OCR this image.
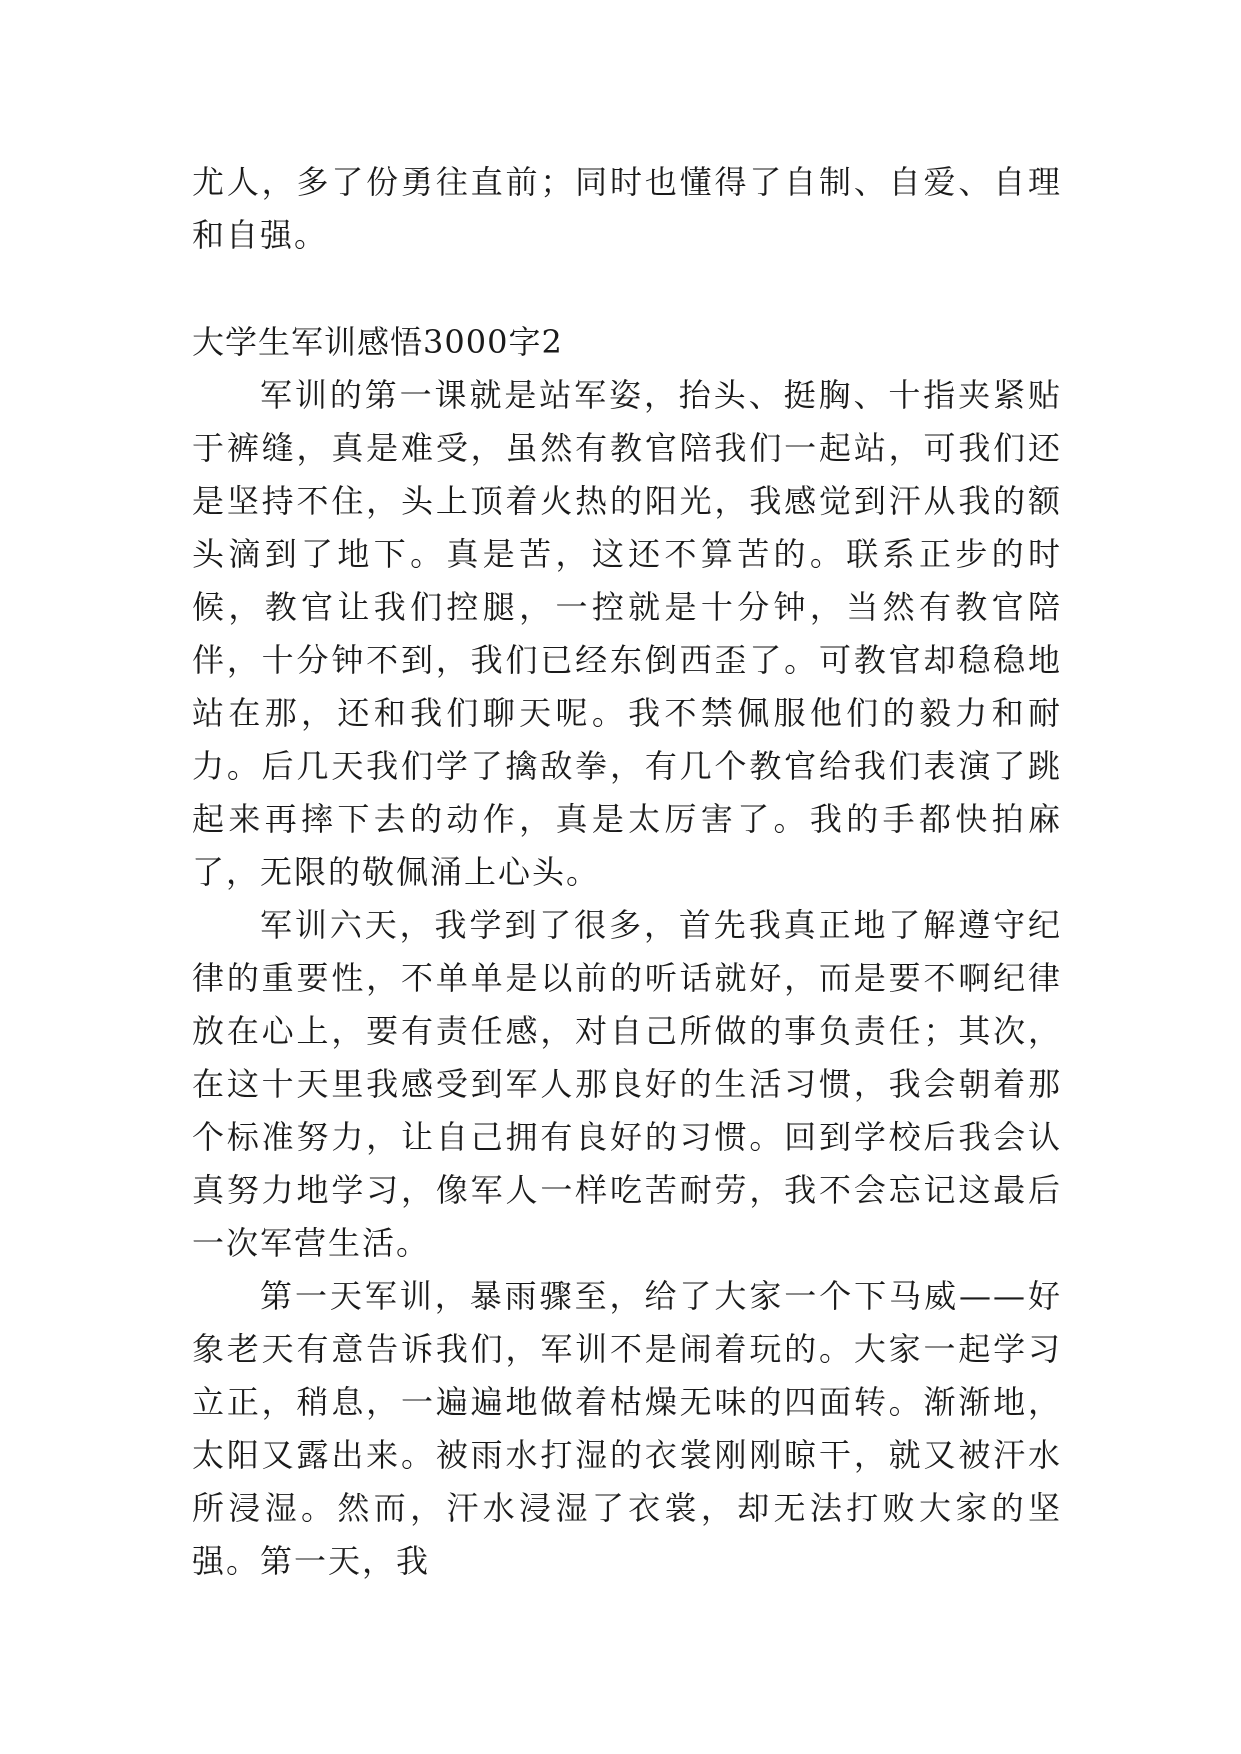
尤人，多了份勇往直前；同时也懂得了自制、自爱、自理和自强。

大学生军训感悟3000字2

军训的第一课就是站军姿，抬头、挺胸、十指夹紧贴于裤缝，真是难受，虽然有教官陪我们一起站，可我们还是坚持不住，头上顶着火热的阳光，我感觉到汗从我的额头滴到了地下。真是苦，这还不算苦的。联系正步的时候，教官让我们控腿，一控就是十分钟，当然有教官陪伴，十分钟不到，我们已经东倒西歪了。可教官却稳稳地站在那，还和我们聊天呢。我不禁佩服他们的毅力和耐力。后几天我们学了擒敌拳，有几个教官给我们表演了跳起来再摔下去的动作，真是太厉害了。我的手都快拍麻了，无限的敬佩涌上心头。

军训六天，我学到了很多，首先我真正地了解遵守纪律的重要性，不单单是以前的听话就好，而是要不啊纪律放在心上，要有责任感，对自己所做的事负责任；其次，在这十天里我感受到军人那良好的生活习惯，我会朝着那个标准努力，让自己拥有良好的习惯。回到学校后我会认真努力地学习，像军人一样吃苦耐劳，我不会忘记这最后一次军营生活。

第一天军训，暴雨骤至，给了大家一个下马威——好象老天有意告诉我们，军训不是闹着玩的。大家一起学习立正，稍息，一遍遍地做着枯燥无味的四面转。渐渐地，太阳又露出来。被雨水打湿的衣裳刚刚晾干，就又被汗水所浸湿。然而，汗水浸湿了衣裳，却无法打败大家的坚强。第一天，我
